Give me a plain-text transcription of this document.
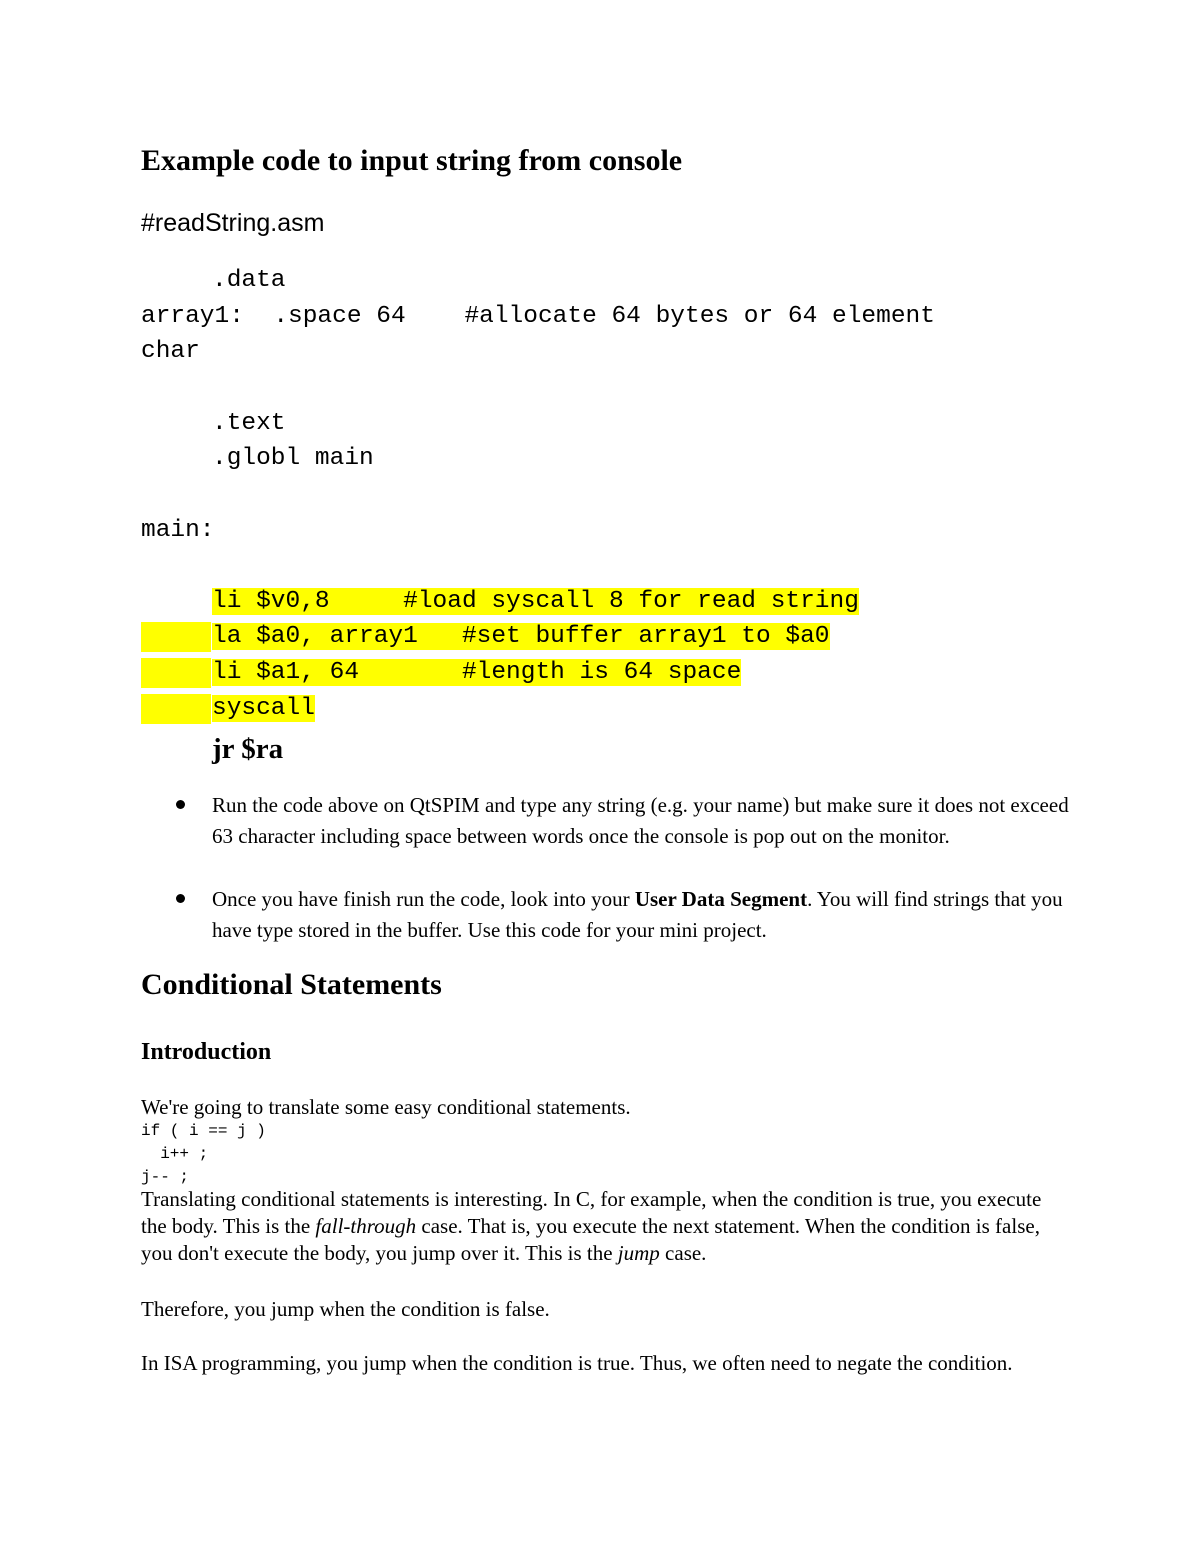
Example code to input string from console
#readString.asm
.data
array1:  .space 64    #allocate 64 bytes or 64 element
char
.text
.globl main
main:
li $v0,8     #load syscall 8 for read string
la $a0, array1   #set buffer array1 to $a0
li $a1, 64       #length is 64 space
syscall
jr $ra
Run the code above on QtSPIM and type any string (e.g. your name) but make sure it does not exceed 63 character including space between words once the console is pop out on the monitor.
Once you have finish run the code, look into your User Data Segment. You will find strings that you have type stored in the buffer. Use this code for your mini project.
Conditional Statements
Introduction
We're going to translate some easy conditional statements.
if ( i == j )
i++ ;
j-- ;
Translating conditional statements is interesting. In C, for example, when the condition is true, you execute the body. This is the fall-through case. That is, you execute the next statement. When the condition is false, you don't execute the body, you jump over it. This is the jump case.
Therefore, you jump when the condition is false.
In ISA programming, you jump when the condition is true. Thus, we often need to negate the condition.
